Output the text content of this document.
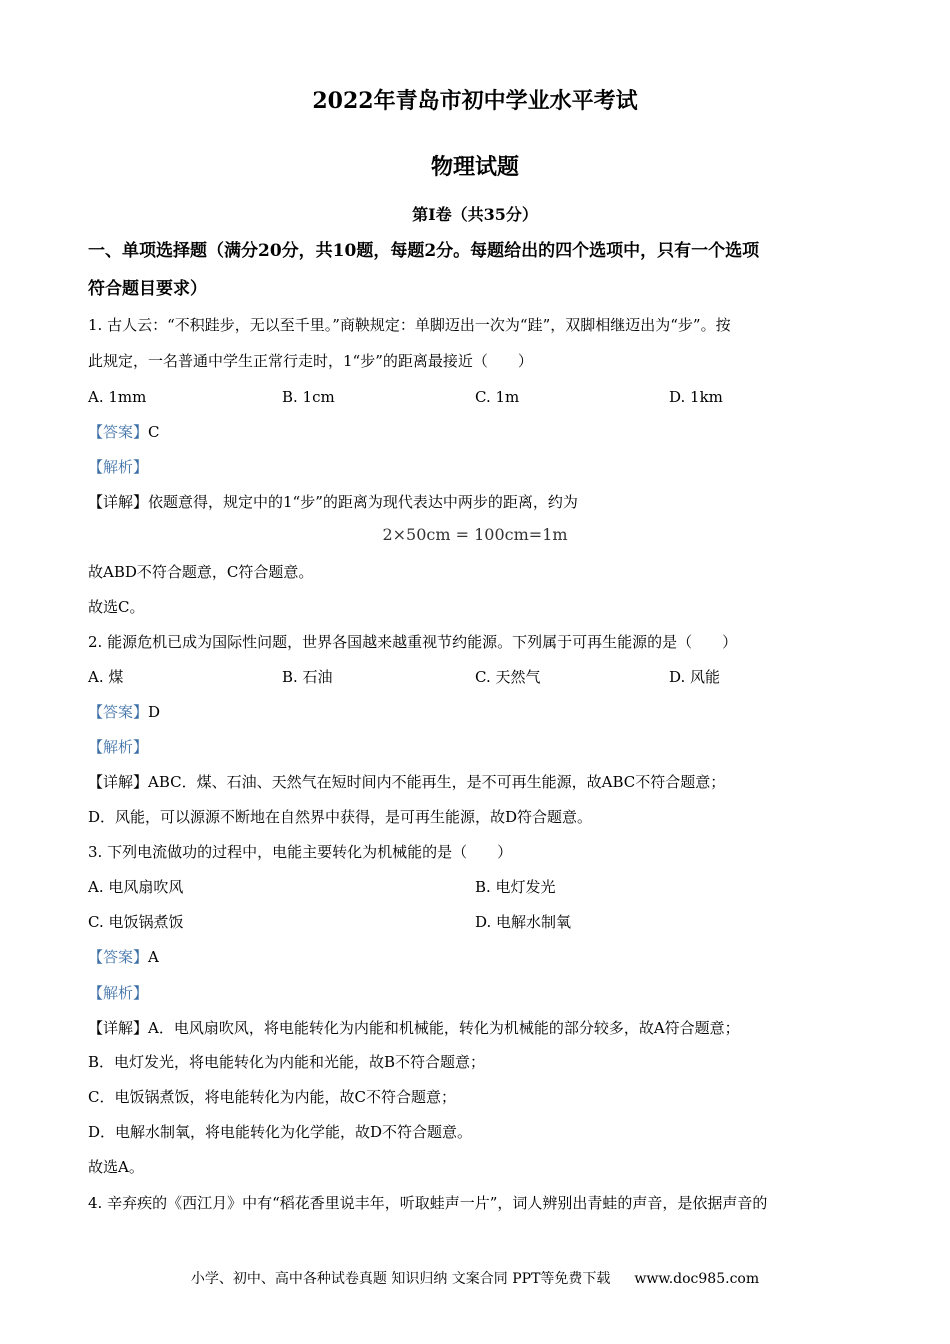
2022年青岛市初中学业水平考试
物理试题
第I卷（共35分）
一、单项选择题（满分20分，共10题，每题2分。每题给出的四个选项中，只有一个选项
符合题目要求）
1. 古人云：“不积跬步，无以至千里。”商鞅规定：单脚迈出一次为“跬”，双脚相继迈出为“步”。按
此规定，一名普通中学生正常行走时，1“步”的距离最接近（　　）
A. 1mm	B. 1cm	C. 1m	D. 1km
【答案】C
【解析】
【详解】依题意得，规定中的1“步”的距离为现代表达中两步的距离，约为
2×50cm = 100cm=1m
故ABD不符合题意，C符合题意。
故选C。
2. 能源危机已成为国际性问题，世界各国越来越重视节约能源。下列属于可再生能源的是（　　）
A. 煤	B. 石油	C. 天然气	D. 风能
【答案】D
【解析】
【详解】ABC．煤、石油、天然气在短时间内不能再生，是不可再生能源，故ABC不符合题意；
D．风能，可以源源不断地在自然界中获得，是可再生能源，故D符合题意。
3. 下列电流做功的过程中，电能主要转化为机械能的是（　　）
A. 电风扇吹风	B. 电灯发光
C. 电饭锅煮饭	D. 电解水制氧
【答案】A
【解析】
【详解】A．电风扇吹风，将电能转化为内能和机械能，转化为机械能的部分较多，故A符合题意；
B．电灯发光，将电能转化为内能和光能，故B不符合题意；
C．电饭锅煮饭，将电能转化为内能，故C不符合题意；
D．电解水制氧，将电能转化为化学能，故D不符合题意。
故选A。
4. 辛弃疾的《西江月》中有“稻花香里说丰年，听取蛙声一片”，词人辨别出青蛙的声音，是依据声音的
小学、初中、高中各种试卷真题 知识归纳 文案合同 PPT等免费下载 www.doc985.com
